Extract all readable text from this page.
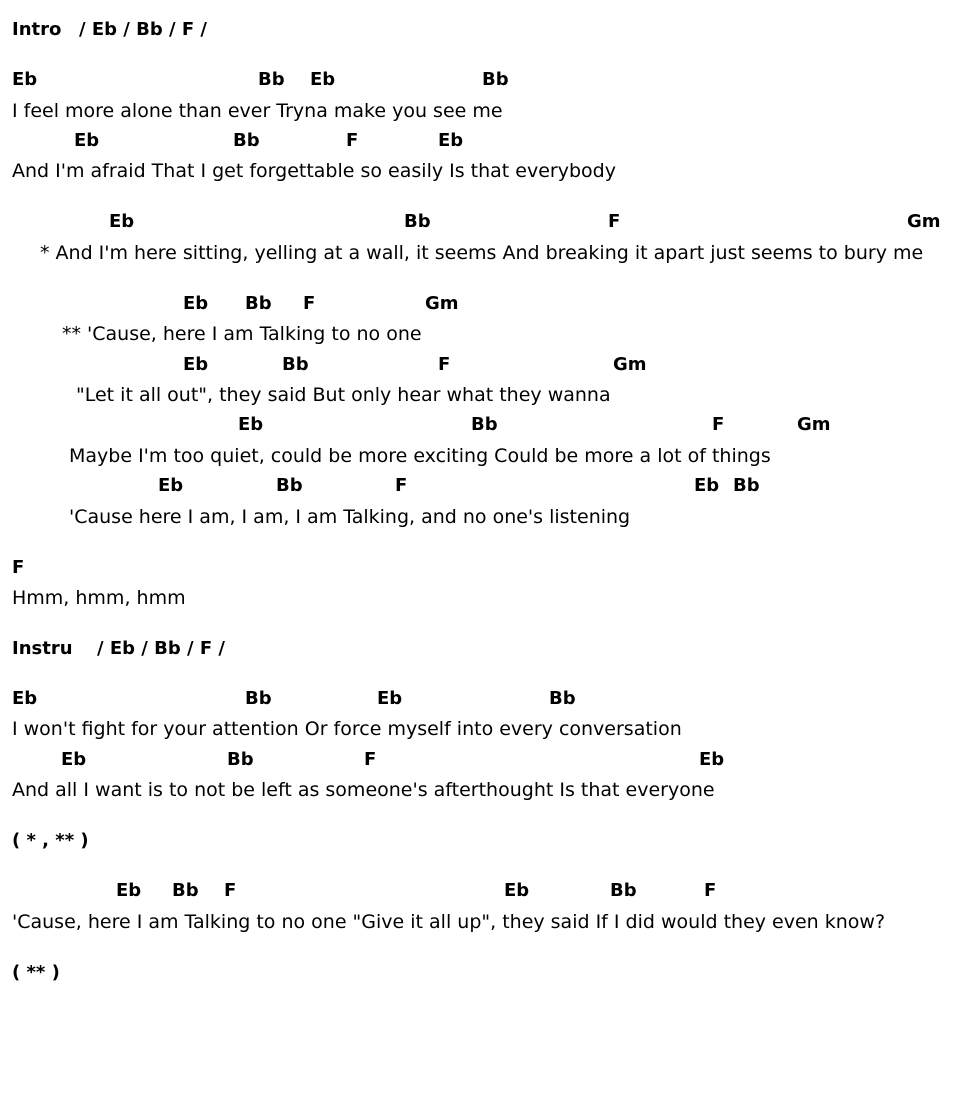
Intro

/ Eb / Bb / F /

Eb

	Bb

Eb

	Bb

I feel more alone than ever Tryna make you see me

Eb

	Bb

	F

	Eb

And I'm afraid That I get forgettable so easily Is that everybody

Eb

	Bb

	F

	Gm

* And I'm here sitting, yelling at a wall, it seems And breaking it apart just seems to bury me

Eb

Bb

F

	Gm

** 'Cause, here I am Talking to no one

Eb

	Bb

	F

	Gm

"Let it all out", they said But only hear what they wanna

Eb

	Bb

	F

	Gm

Maybe I'm too quiet, could be more exciting Could be more a lot of things

Eb

	Bb

	F

	Eb

Bb

'Cause here I am, I am, I am Talking, and no one's listening

F

Hmm, hmm, hmm

Instru

/ Eb / Bb / F /

Eb

	Bb

	Eb

	Bb

I won't fight for your attention Or force myself into every conversation

Eb

	Bb

	F

	Eb

And all I want is to not be left as someone's afterthought Is that everyone

( * , ** )

Eb

Bb

F

	Eb

	Bb

	F

'Cause, here I am Talking to no one "Give it all up", they said If I did would they even know?

( ** )
